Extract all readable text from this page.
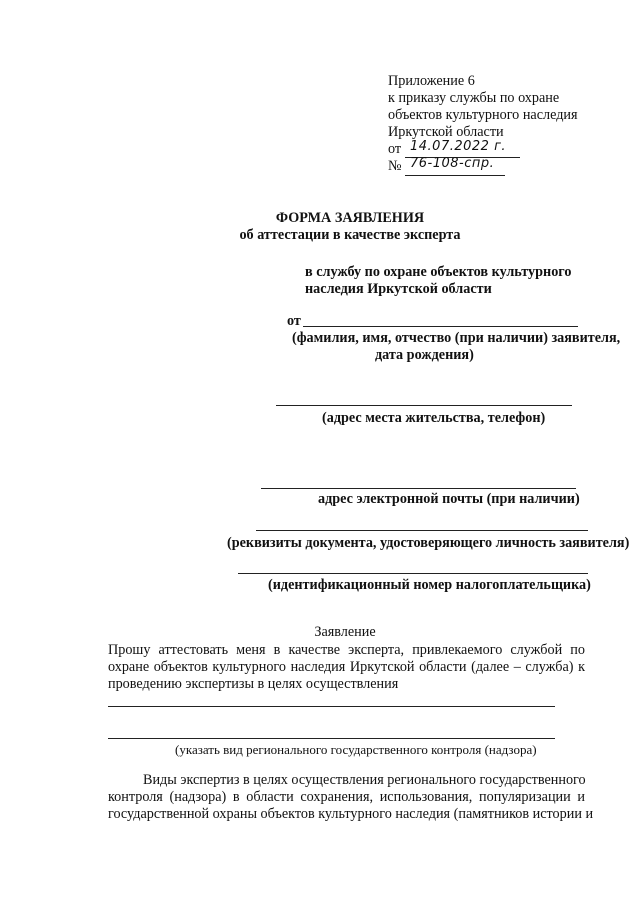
Приложение 6
к приказу службы по охране
объектов культурного наследия
Иркутской области
от 14.07.2022 г.
№ 76-108-спр.
ФОРМА ЗАЯВЛЕНИЯ
об аттестации в качестве эксперта
в службу по охране объектов культурного
наследия Иркутской области
от
(фамилия, имя, отчество (при наличии) заявителя,
дата рождения)
(адрес места жительства, телефон)
адрес электронной почты (при наличии)
(реквизиты документа, удостоверяющего личность заявителя)
(идентификационный номер налогоплательщика)
Заявление
Прошу аттестовать меня в качестве эксперта, привлекаемого службой по
охране объектов культурного наследия Иркутской области (далее – служба) к
проведению экспертизы в целях осуществления
(указать вид регионального государственного контроля (надзора)
Виды экспертиз в целях осуществления регионального государственного
контроля (надзора) в области сохранения, использования, популяризации и
государственной охраны объектов культурного наследия (памятников истории и
